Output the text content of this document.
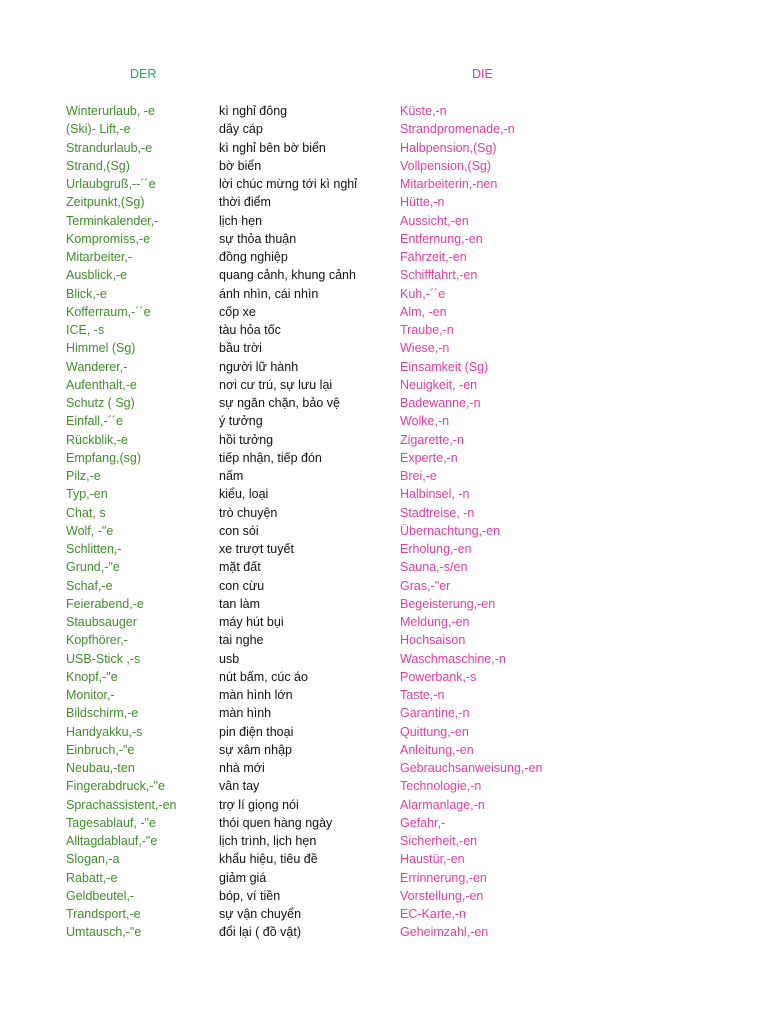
DER	DIE
Winterurlaub, -e	kì nghỉ đông	Küste,-n
(Ski)- Lift,-e	dây cáp	Strandpromenade,-n
Strandurlaub,-e	kì nghỉ bên bờ biển	Halbpension,(Sg)
Strand,(Sg)	bờ biển	Vollpension,(Sg)
Urlaubgruß,--´´e	lời chúc mừng tới kì nghỉ	Mitarbeiterin,-nen
Zeitpunkt,(Sg)	thời điểm	Hütte,-n
Terminkalender,-	lịch hẹn	Aussicht,-en
Kompromiss,-e	sự thỏa thuận	Entfernung,-en
Mitarbeiter,-	đồng nghiệp	Fahrzeit,-en
Ausblick,-e	quang cảnh, khung cảnh	Schifffahrt,-en
Blick,-e	ánh nhìn, cái nhìn	Kuh,-´´e
Kofferraum,-´´e	cốp xe	Alm, -en
ICE, -s	tàu hỏa tốc	Traube,-n
Himmel (Sg)	bầu trời	Wiese,-n
Wanderer,-	người lữ hành	Einsamkeit (Sg)
Aufenthalt,-e	nơi cư trú, sự lưu lại	Neuigkeit, -en
Schutz ( Sg)	sự ngăn chặn, bảo vệ	Badewanne,-n
Einfall,-´´e	ý tưởng	Wolke,-n
Rückblik,-e	hồi tưởng	Zigarette,-n
Empfang,(sg)	tiếp nhận, tiếp đón	Experte,-n
Pilz,-e	nấm	Brei,-e
Typ,-en	kiểu, loại	Halbinsel, -n
Chat, s	trò chuyện	Stadtreise, -n
Wolf, -"e	con sói	Übernachtung,-en
Schlitten,-	xe trượt tuyết	Erholung,-en
Grund,-"e	mặt đất	Sauna,-s/en
Schaf,-e	con cừu	Gras,-"er
Feierabend,-e	tan làm	Begeisterung,-en
Staubsauger	máy hút bụi	Meldung,-en
Kopfhörer,-	tai nghe	Hochsaison
USB-Stick ,-s	usb	Waschmaschine,-n
Knopf,-"e	nút bấm, cúc áo	Powerbank,-s
Monitor,-	màn hình lớn	Taste,-n
Bildschirm,-e	màn hình	Garantine,-n
Handyakku,-s	pin điện thoại	Quittung,-en
Einbruch,-"e	sự xâm nhập	Anleitung,-en
Neubau,-ten	nhà mới	Gebrauchsanweisung,-en
Fingerabdruck,-"e	vân tay	Technologie,-n
Sprachassistent,-en	trợ lí giọng nói	Alarmanlage,-n
Tagesablauf, -"e	thói quen hàng ngày	Gefahr,-
Alltagdablauf,-"e	lịch trình, lịch hẹn	Sicherheit,-en
Slogan,-a	khẩu hiệu, tiêu đề	Haustür,-en
Rabatt,-e	giảm giá	Errinnerung,-en
Geldbeutel,-	bóp, ví tiền	Vorstellung,-en
Trandsport,-e	sự vận chuyển	EC-Karte,-n
Umtausch,-"e	đổi lại ( đồ vật)	Geheimzahl,-en
